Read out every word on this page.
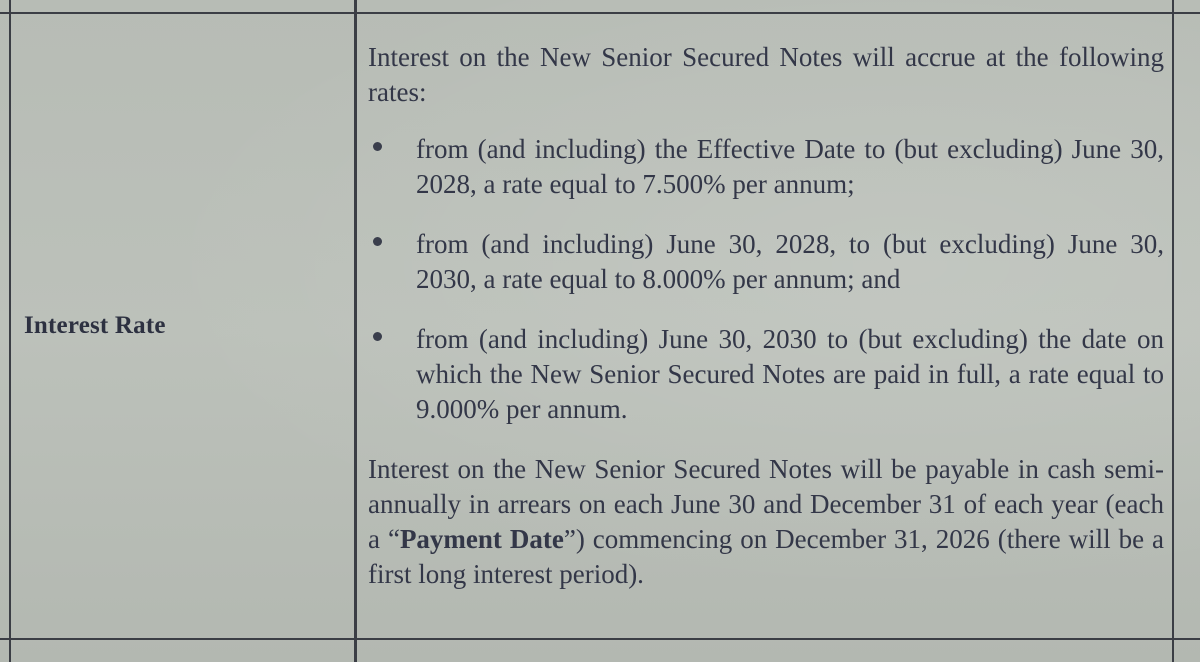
Interest Rate

Interest on the New Senior Secured Notes will accrue at the following rates:

from (and including) the Effective Date to (but excluding) June 30, 2028, a rate equal to 7.500% per annum;
from (and including) June 30, 2028, to (but excluding) June 30, 2030, a rate equal to 8.000% per annum; and
from (and including) June 30, 2030 to (but excluding) the date on which the New Senior Secured Notes are paid in full, a rate equal to 9.000% per annum.

Interest on the New Senior Secured Notes will be payable in cash semi-annually in arrears on each June 30 and December 31 of each year (each a “Payment Date”) commencing on December 31, 2026 (there will be a first long interest period).
